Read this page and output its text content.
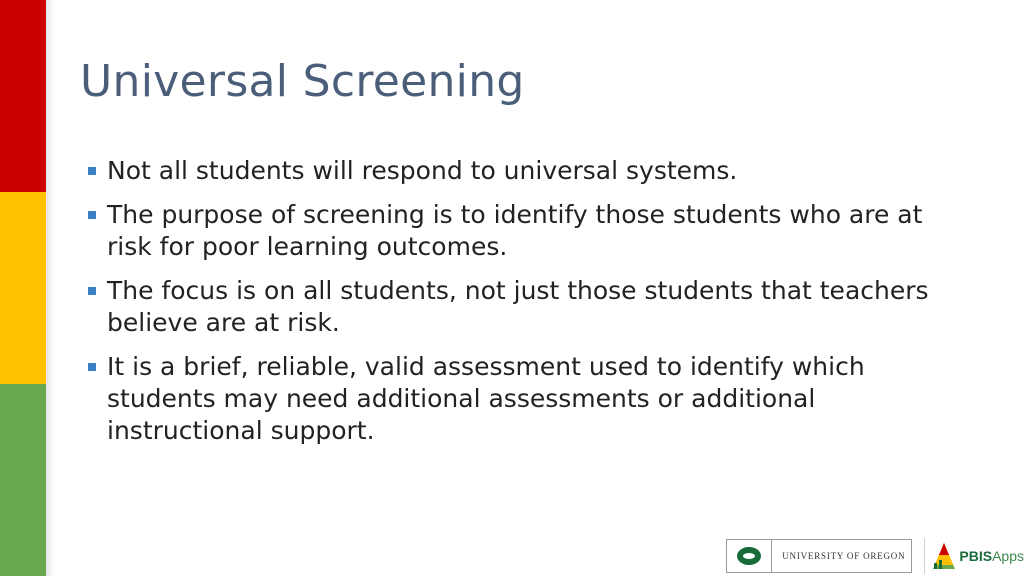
Universal Screening
Not all students will respond to universal systems.
The purpose of screening is to identify those students who are at risk for poor learning outcomes.
The focus is on all students, not just those students that teachers believe are at risk.
It is a brief, reliable, valid assessment used to identify which students may need additional assessments or additional instructional support.
UNIVERSITY OF OREGON	PBISApps
